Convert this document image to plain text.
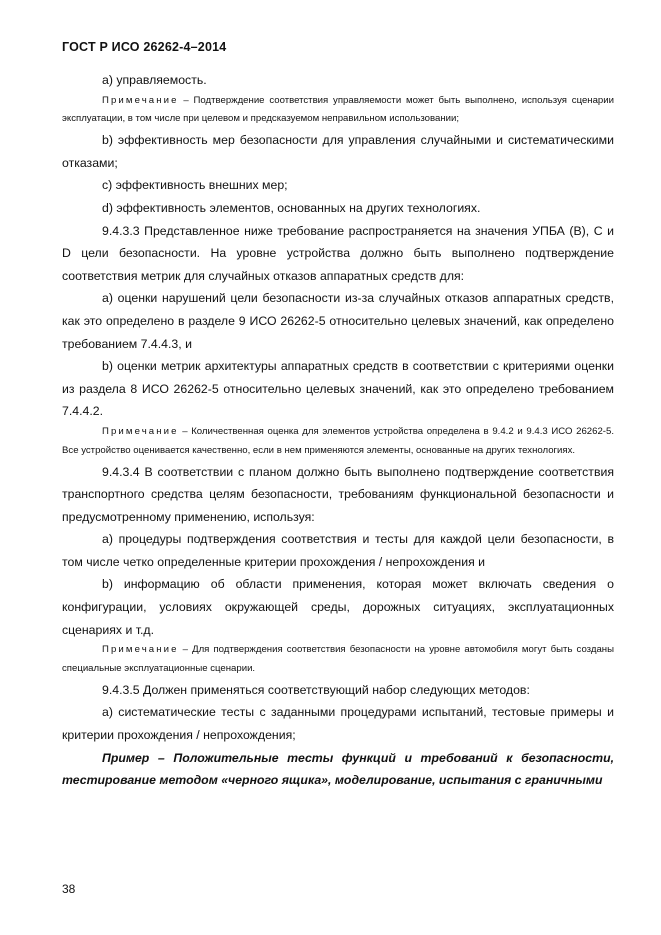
ГОСТ Р ИСО 26262-4–2014

а) управляемость.

Примечание – Подтверждение соответствия управляемости может быть выполнено, используя сценарии эксплуатации, в том числе при целевом и предсказуемом неправильном использовании;

b) эффективность мер безопасности для управления случайными и систематическими отказами;

с) эффективность внешних мер;

d) эффективность элементов, основанных на других технологиях.

9.4.3.3 Представленное ниже требование распространяется на значения УПБА (В), С и D цели безопасности. На уровне устройства должно быть выполнено подтверждение соответствия метрик для случайных отказов аппаратных средств для:

а) оценки нарушений цели безопасности из-за случайных отказов аппаратных средств, как это определено в разделе 9 ИСО 26262-5 относительно целевых значений, как определено требованием 7.4.4.3, и

b) оценки метрик архитектуры аппаратных средств в соответствии с критериями оценки из раздела 8 ИСО 26262-5 относительно целевых значений, как это определено требованием 7.4.4.2.

Примечание – Количественная оценка для элементов устройства определена в 9.4.2 и 9.4.3 ИСО 26262-5. Все устройство оценивается качественно, если в нем применяются элементы, основанные на других технологиях.

9.4.3.4 В соответствии с планом должно быть выполнено подтверждение соответствия транспортного средства целям безопасности, требованиям функциональной безопасности и предусмотренному применению, используя:

а) процедуры подтверждения соответствия и тесты для каждой цели безопасности, в том числе четко определенные критерии прохождения / непрохождения и

b) информацию об области применения, которая может включать сведения о конфигурации, условиях окружающей среды, дорожных ситуациях, эксплуатационных сценариях и т.д.

Примечание – Для подтверждения соответствия безопасности на уровне автомобиля могут быть созданы специальные эксплуатационные сценарии.

9.4.3.5 Должен применяться соответствующий набор следующих методов:

а) систематические тесты с заданными процедурами испытаний, тестовые примеры и критерии прохождения / непрохождения;

Пример – Положительные тесты функций и требований к безопасности, тестирование методом «черного ящика», моделирование, испытания с граничными

38
